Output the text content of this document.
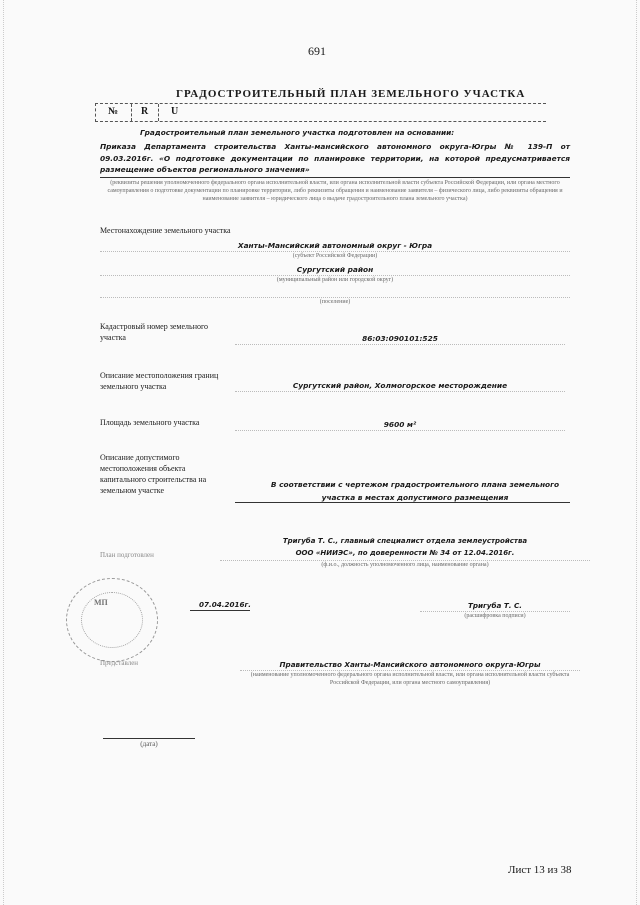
691
ГРАДОСТРОИТЕЛЬНЫЙ ПЛАН ЗЕМЕЛЬНОГО УЧАСТКА
№ R U
Градостроительный план земельного участка подготовлен на основании:
Приказа Департамента строительства Ханты-мансийского автономного округа-Югры № 139-П от 09.03.2016г. «О подготовке документации по планировке территории, на которой предусматривается размещение объектов регионального значения»
(реквизиты решения уполномоченного федерального органа исполнительной власти, или органа исполнительной власти субъекта Российской Федерации, или органа местного самоуправления о подготовке документации по планировке территории, либо реквизиты обращения и наименование заявителя – физического лица, либо реквизиты обращения и наименование заявителя – юридического лица о выдаче градостроительного плана земельного участка)
Местонахождение земельного участка
Ханты-Мансийский автономный округ - Югра
(субъект Российской Федерации)
Сургутский район
(муниципальный район или городской округ)
(поселение)
Кадастровый номер земельного участка	86:03:090101:525
Описание местоположения границ земельного участка	Сургутский район, Холмогорское месторождение
Площадь земельного участка	9600 м²
Описание допустимого местоположения объекта капитального строительства на земельном участке
В соответствии с чертежом градостроительного плана земельного участка в местах допустимого размещения
План подготовлен
Тригуба Т. С., главный специалист отдела землеустройства
ООО «НИИЭС», по доверенности № 34 от 12.04.2016г.
(ф.и.о., должность уполномоченного лица, наименование органа)
МП	07.04.2016г.	Тригуба Т. С.
(расшифровка подписи)
Представлен	Правительство Ханты-Мансийского автономного округа-Югры
(наименование уполномоченного федерального органа исполнительной власти, или органа исполнительной власти субъекта Российской Федерации, или органа местного самоуправления)
(дата)
Лист 13 из 38
